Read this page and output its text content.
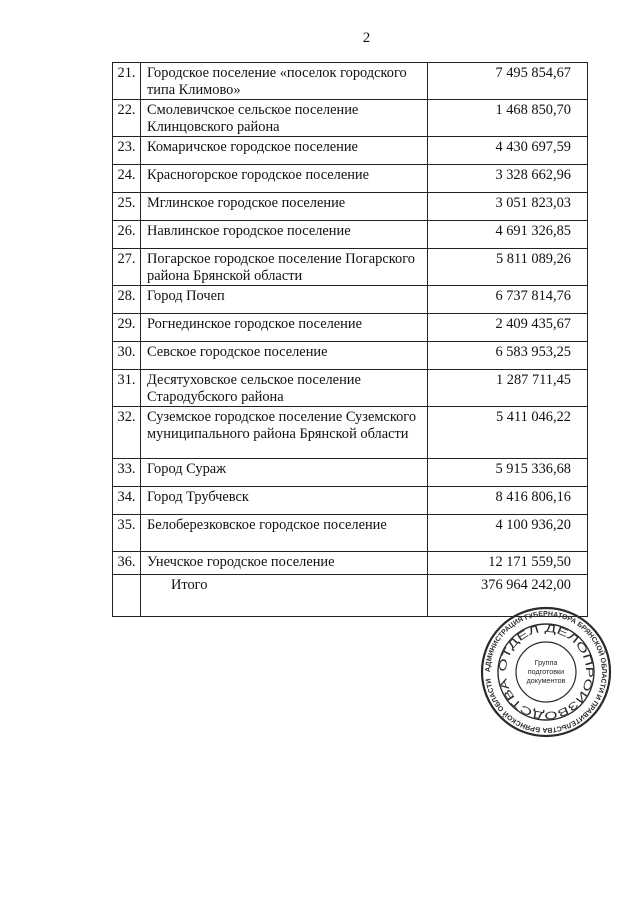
2
21.	Городское поселение «поселок городского типа Климово»	7 495 854,67
22.	Смолевичское сельское поселение Клинцовского района	1 468 850,70
23.	Комаричское городское поселение	4 430 697,59
24.	Красногорское городское поселение	3 328 662,96
25.	Мглинское городское поселение	3 051 823,03
26.	Навлинское городское поселение	4 691 326,85
27.	Погарское городское поселение Погарского района Брянской области	5 811 089,26
28.	Город Почеп	6 737 814,76
29.	Рогнединское городское поселение	2 409 435,67
30.	Севское городское поселение	6 583 953,25
31.	Десятуховское сельское поселение Стародубского района	1 287 711,45
32.	Суземское городское поселение Суземского муниципального района Брянской области	5 411 046,22
33.	Город Сураж	5 915 336,68
34.	Город Трубчевск	8 416 806,16
35.	Белоберезковское городское поселение	4 100 936,20
36.	Унечское городское поселение	12 171 559,50
	Итого	376 964 242,00
АДМИНИСТРАЦИЯ ГУБЕРНАТОРА БРЯНСКОЙ ОБЛАСТИ И ПРАВИТЕЛЬСТВА БРЯНСКОЙ ОБЛАСТИ
ОТДЕЛ ДЕЛОПРОИЗВОДСТВА
Группа
подготовки
документов
